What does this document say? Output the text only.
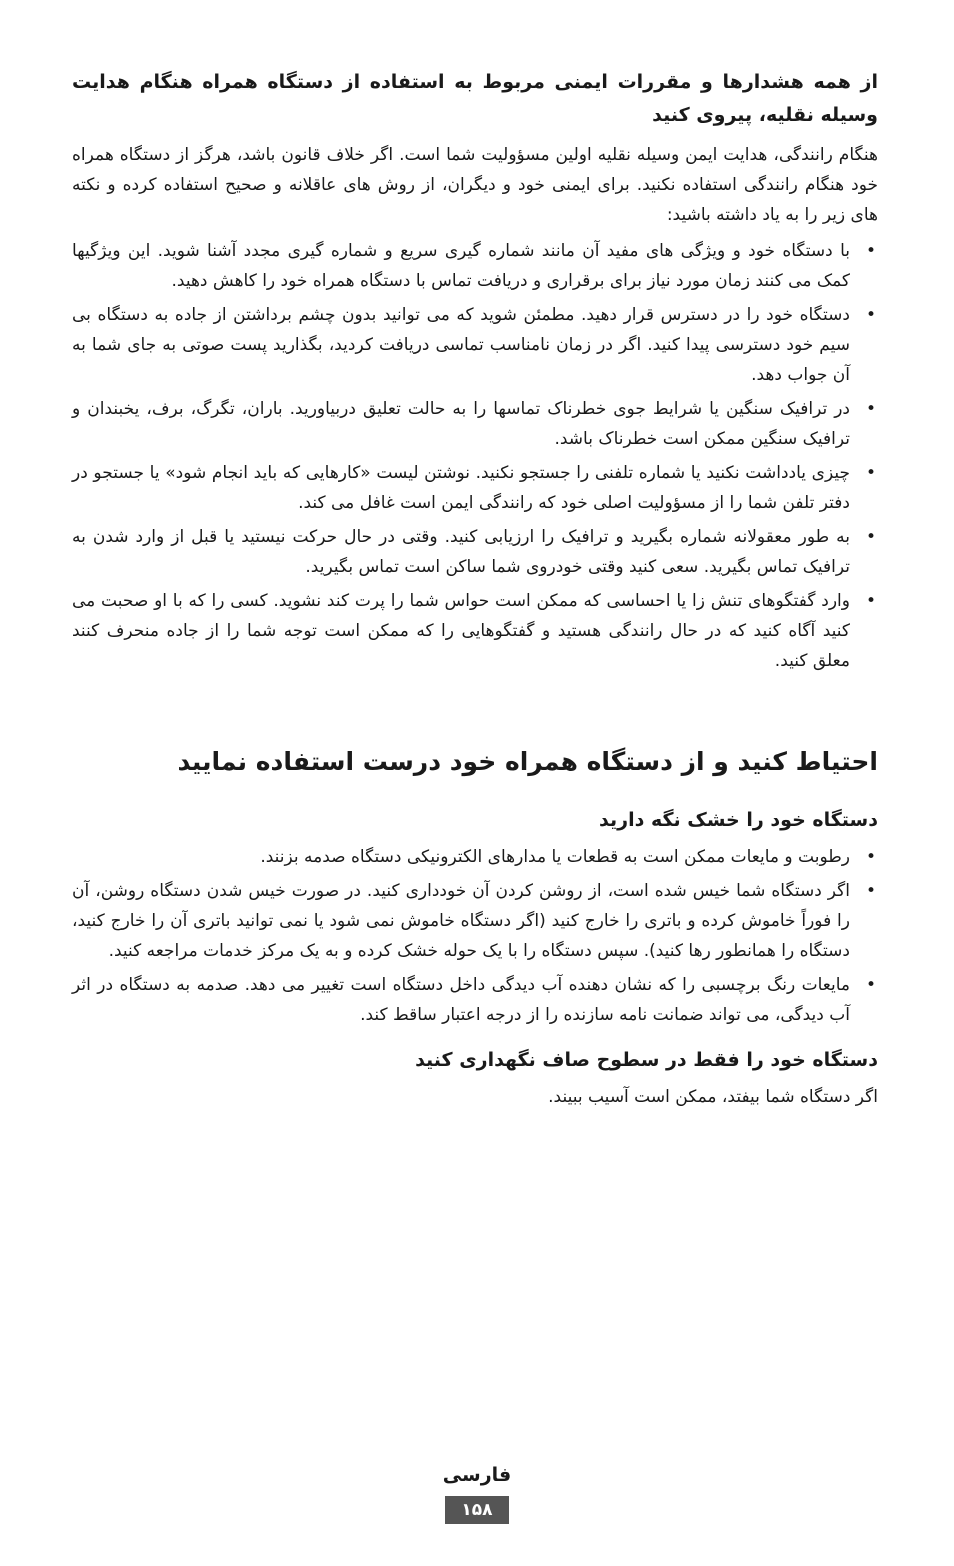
از همه هشدارها و مقررات ایمنی مربوط به استفاده از دستگاه همراه هنگام هدایت وسیله نقلیه، پیروی کنید

هنگام رانندگی، هدایت ایمن وسیله نقلیه اولین مسؤولیت شما است. اگر خلاف قانون باشد، هرگز از دستگاه همراه خود هنگام رانندگی استفاده نکنید. برای ایمنی خود و دیگران، از روش های عاقلانه و صحیح استفاده کرده و نکته های زیر را به یاد داشته باشید:

•
با دستگاه خود و ویژگی های مفید آن مانند شماره گیری سریع و شماره گیری مجدد آشنا شوید. این ویژگیها کمک می کنند زمان مورد نیاز برای برقراری و دریافت تماس با دستگاه همراه خود را کاهش دهید.
•
دستگاه خود را در دسترس قرار دهید. مطمئن شوید که می توانید بدون چشم برداشتن از جاده به دستگاه بی سیم خود دسترسی پیدا کنید. اگر در زمان نامناسب تماسی دریافت کردید، بگذارید پست صوتی به جای شما به آن جواب دهد.
•
در ترافیک سنگین یا شرایط جوی خطرناک تماسها را به حالت تعلیق دربیاورید. باران، تگرگ، برف، یخبندان و ترافیک سنگین ممکن است خطرناک باشد.
•
چیزی یادداشت نکنید یا شماره تلفنی را جستجو نکنید. نوشتن لیست «کارهایی که باید انجام شود» یا جستجو در دفتر تلفن شما را از مسؤولیت اصلی خود که رانندگی ایمن است غافل می کند.
•
به طور معقولانه شماره بگیرید و ترافیک را ارزیابی کنید. وقتی در حال حرکت نیستید یا قبل از وارد شدن به ترافیک تماس بگیرید. سعی کنید وقتی خودروی شما ساکن است تماس بگیرید.
•
وارد گفتگوهای تنش زا یا احساسی که ممکن است حواس شما را پرت کند نشوید. کسی را که با او صحبت می کنید آگاه کنید که در حال رانندگی هستید و گفتگوهایی را که ممکن است توجه شما را از جاده منحرف کنند معلق کنید.
احتیاط کنید و از دستگاه همراه خود درست استفاده نمایید
دستگاه خود را خشک نگه دارید
•
رطوبت و مایعات ممکن است به قطعات یا مدارهای الکترونیکی دستگاه صدمه بزنند.
•
اگر دستگاه شما خیس شده است، از روشن کردن آن خودداری کنید. در صورت خیس شدن دستگاه روشن، آن را فوراً خاموش کرده و باتری را خارج کنید (اگر دستگاه خاموش نمی شود یا نمی توانید باتری آن را خارج کنید، دستگاه را همانطور رها کنید). سپس دستگاه را با یک حوله خشک کرده و به یک مرکز خدمات مراجعه کنید.
•
مایعات رنگ برچسبی را که نشان دهنده آب دیدگی داخل دستگاه است تغییر می دهد. صدمه به دستگاه در اثر آب دیدگی، می تواند ضمانت نامه سازنده را از درجه اعتبار ساقط کند.
دستگاه خود را فقط در سطوح صاف نگهداری کنید

اگر دستگاه شما بیفتد، ممکن است آسیب ببیند.

فارسی
۱۵۸
